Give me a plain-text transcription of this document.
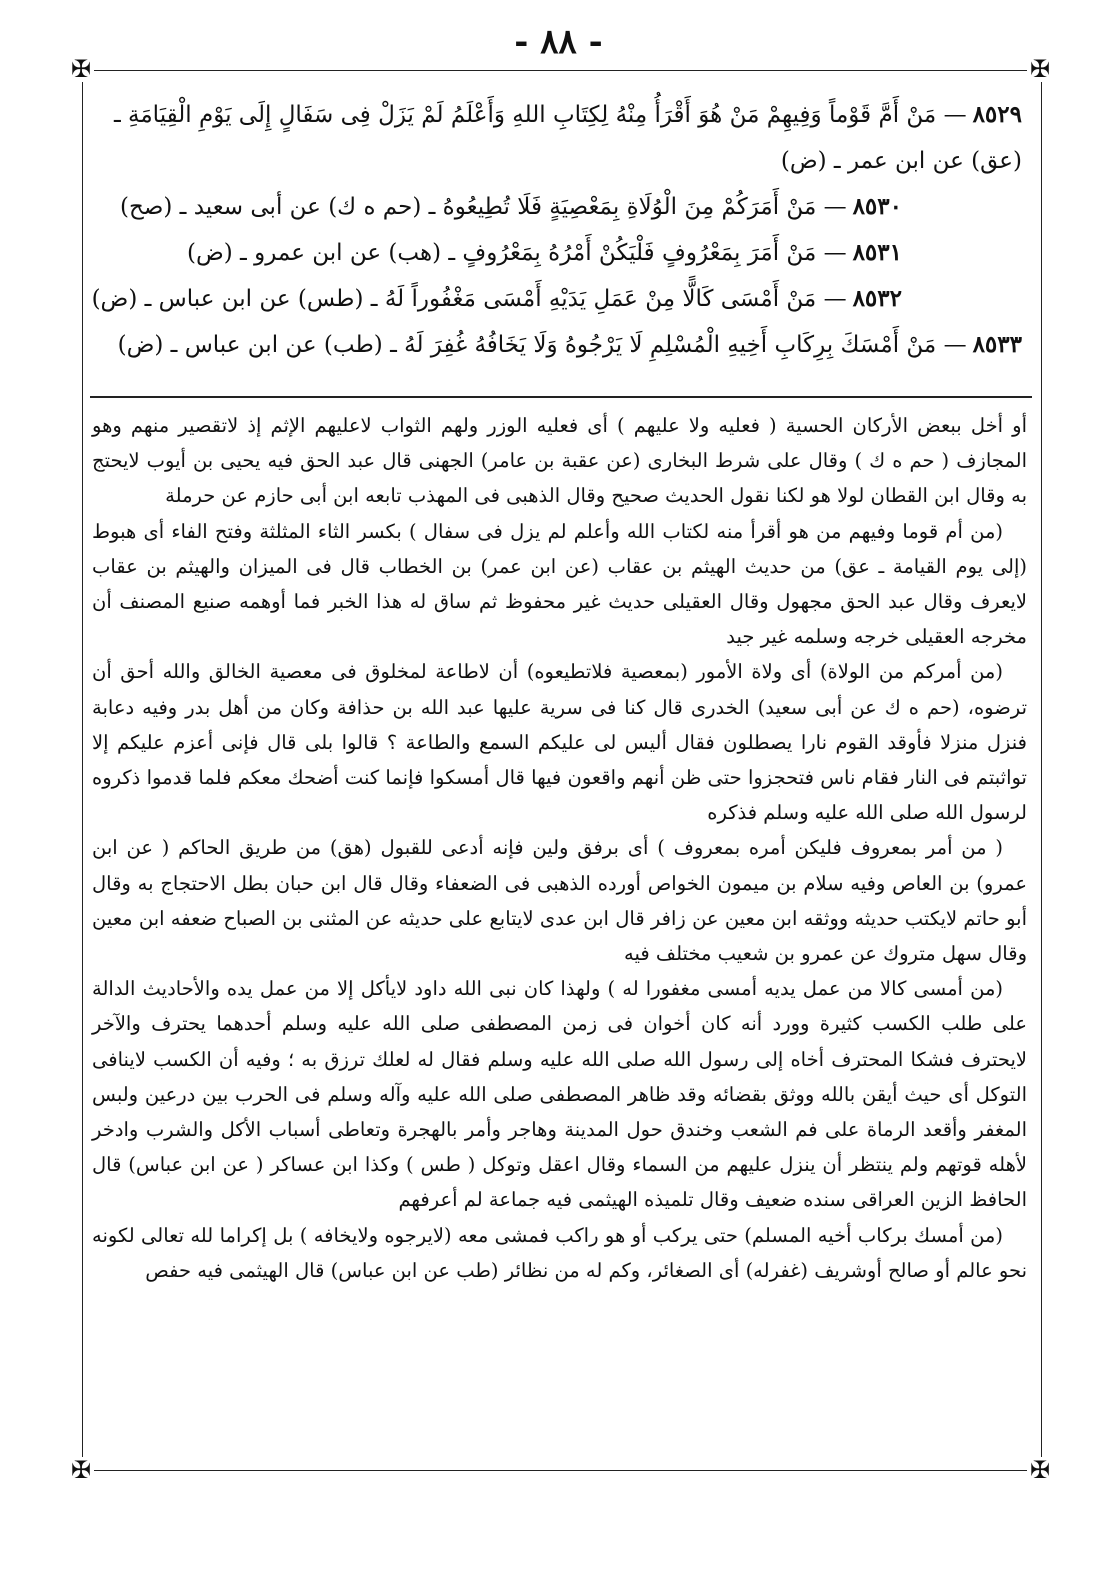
- ٨٨ -
✠	✠
✠	✠
٨٥٢٩— مَنْ أَمَّ قَوْماً وَفِيهِمْ مَنْ هُوَ أَقْرَأُ مِنْهُ لِكِتَابِ اللهِ وَأَعْلَمُ لَمْ يَزَلْ فِى سَفَالٍ إِلَى يَوْمِ الْقِيَامَةِ ـ
(عق) عن ابن عمر ـ (ض)
٨٥٣٠— مَنْ أَمَرَكُمْ مِنَ الْوُلَاةِ بِمَعْصِيَةٍ فَلَا تُطِيعُوهُ ـ (حم ه ك) عن أبى سعيد ـ (صح)
٨٥٣١— مَنْ أَمَرَ بِمَعْرُوفٍ فَلْيَكُنْ أَمْرُهُ بِمَعْرُوفٍ ـ (هب) عن ابن عمرو ـ (ض)
٨٥٣٢— مَنْ أَمْسَى كَالًّا مِنْ عَمَلِ يَدَيْهِ أَمْسَى مَغْفُوراً لَهُ ـ (طس) عن ابن عباس ـ (ض)
٨٥٣٣— مَنْ أَمْسَكَ بِرِكَابِ أَخِيهِ الْمُسْلِمِ لَا يَرْجُوهُ وَلَا يَخَافُهُ غُفِرَ لَهُ ـ (طب) عن ابن عباس ـ (ض)

أو أخل ببعض الأركان الحسية ( فعليه ولا عليهم ) أى فعليه الوزر ولهم الثواب لاعليهم الإثم إذ لاتقصير منهم وهو المجازف ( حم ه ك ) وقال على شرط البخارى (عن عقبة بن عامر) الجهنى قال عبد الحق فيه يحيى بن أيوب لايحتج به وقال ابن القطان لولا هو لكنا نقول الحديث صحيح وقال الذهبى فى المهذب تابعه ابن أبى حازم عن حرملة

(من أم قوما وفيهم من هو أقرأ منه لكتاب الله وأعلم لم يزل فى سفال ) بكسر الثاء المثلثة وفتح الفاء أى هبوط (إلى يوم القيامة ـ عق) من حديث الهيثم بن عقاب (عن ابن عمر) بن الخطاب قال فى الميزان والهيثم بن عقاب لايعرف وقال عبد الحق مجهول وقال العقيلى حديث غير محفوظ ثم ساق له هذا الخبر فما أوهمه صنيع المصنف أن مخرجه العقيلى خرجه وسلمه غير جيد

(من أمركم من الولاة) أى ولاة الأمور (بمعصية فلاتطيعوه) أن لاطاعة لمخلوق فى معصية الخالق والله أحق أن ترضوه، (حم ه ك عن أبى سعيد) الخدرى قال كنا فى سرية عليها عبد الله بن حذافة وكان من أهل بدر وفيه دعابة فنزل منزلا فأوقد القوم نارا يصطلون فقال أليس لى عليكم السمع والطاعة ؟ قالوا بلى قال فإنى أعزم عليكم إلا تواثبتم فى النار فقام ناس فتحجزوا حتى ظن أنهم واقعون فيها قال أمسكوا فإنما كنت أضحك معكم فلما قدموا ذكروه لرسول الله صلى الله عليه وسلم فذكره

( من أمر بمعروف فليكن أمره بمعروف ) أى برفق ولين فإنه أدعى للقبول (هق) من طريق الحاكم ( عن ابن عمرو) بن العاص وفيه سلام بن ميمون الخواص أورده الذهبى فى الضعفاء وقال قال ابن حبان بطل الاحتجاج به وقال أبو حاتم لايكتب حديثه ووثقه ابن معين عن زافر قال ابن عدى لايتابع على حديثه عن المثنى بن الصباح ضعفه ابن معين وقال سهل متروك عن عمرو بن شعيب مختلف فيه

(من أمسى كالا من عمل يديه أمسى مغفورا له ) ولهذا كان نبى الله داود لايأكل إلا من عمل يده والأحاديث الدالة على طلب الكسب كثيرة وورد أنه كان أخوان فى زمن المصطفى صلى الله عليه وسلم أحدهما يحترف والآخر لايحترف فشكا المحترف أخاه إلى رسول الله صلى الله عليه وسلم فقال له لعلك ترزق به ؛ وفيه أن الكسب لاينافى التوكل أى حيث أيقن بالله ووثق بقضائه وقد ظاهر المصطفى صلى الله عليه وآله وسلم فى الحرب بين درعين ولبس المغفر وأقعد الرماة على فم الشعب وخندق حول المدينة وهاجر وأمر بالهجرة وتعاطى أسباب الأكل والشرب وادخر لأهله قوتهم ولم ينتظر أن ينزل عليهم من السماء وقال اعقل وتوكل ( طس ) وكذا ابن عساكر ( عن ابن عباس) قال الحافظ الزين العراقى سنده ضعيف وقال تلميذه الهيثمى فيه جماعة لم أعرفهم

(من أمسك بركاب أخيه المسلم) حتى يركب أو هو راكب فمشى معه (لايرجوه ولايخافه ) بل إكراما لله تعالى لكونه نحو عالم أو صالح أوشريف (غفرله) أى الصغائر، وكم له من نظائر (طب عن ابن عباس) قال الهيثمى فيه حفص
